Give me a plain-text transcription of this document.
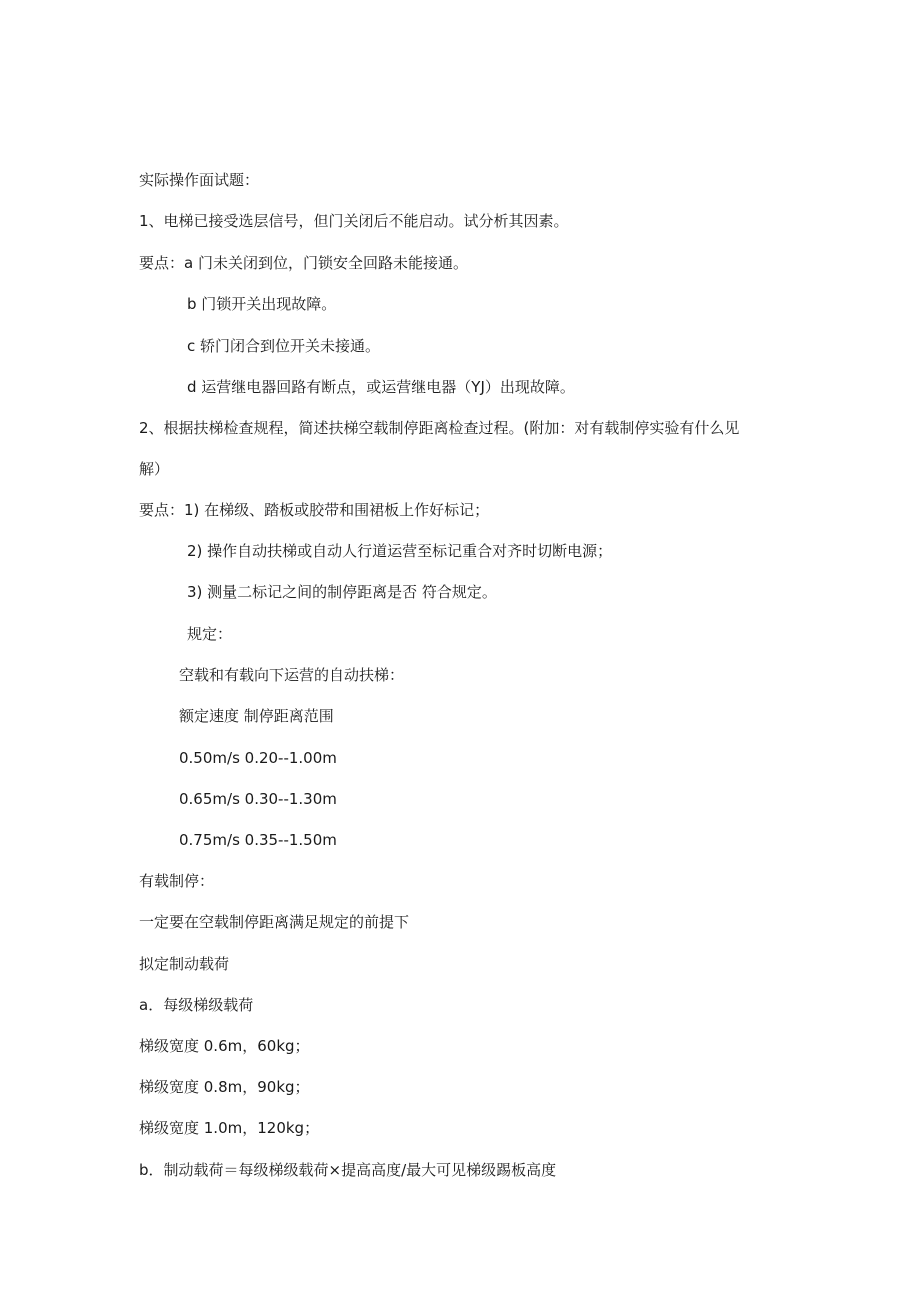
实际操作面试题：
1、电梯已接受选层信号，但门关闭后不能启动。试分析其因素。
要点：a 门未关闭到位，门锁安全回路未能接通。
b 门锁开关出现故障。
c 轿门闭合到位开关未接通。
d 运营继电器回路有断点，或运营继电器（YJ）出现故障。
2、根据扶梯检查规程，简述扶梯空载制停距离检查过程。(附加：对有载制停实验有什么见
解）
要点：1) 在梯级、踏板或胶带和围裙板上作好标记；
2) 操作自动扶梯或自动人行道运营至标记重合对齐时切断电源；
3) 测量二标记之间的制停距离是否 符合规定。
规定：
空载和有载向下运营的自动扶梯：
额定速度 制停距离范围
0.50m/s 0.20--1.00m
0.65m/s 0.30--1.30m
0.75m/s 0.35--1.50m
有载制停：
一定要在空载制停距离满足规定的前提下
拟定制动载荷
a．每级梯级载荷
梯级宽度 0.6m，60kg；
梯级宽度 0.8m，90kg；
梯级宽度 1.0m，120kg；
b．制动载荷＝每级梯级载荷×提高高度/最大可见梯级踢板高度
